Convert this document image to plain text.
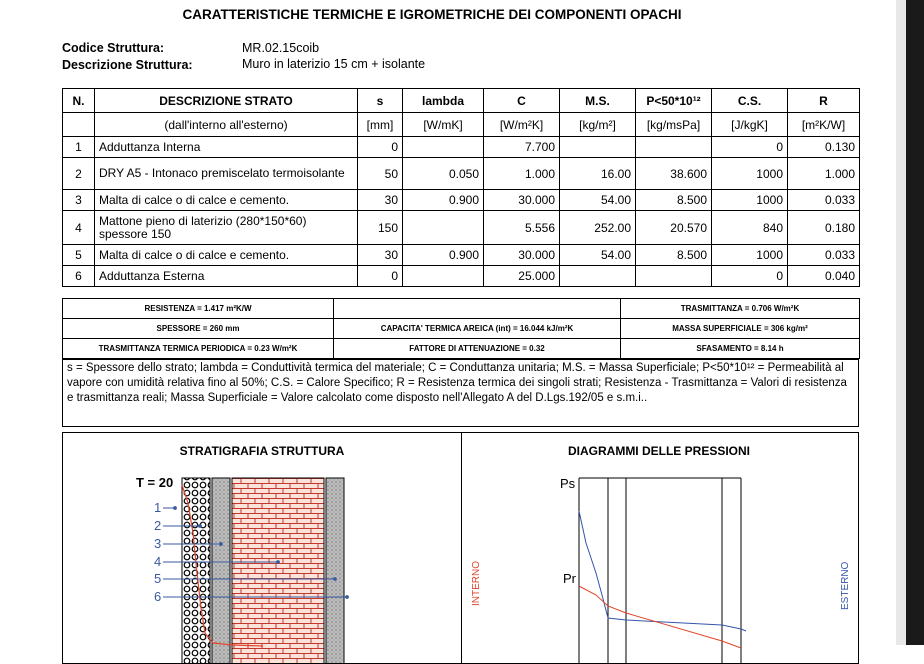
CARATTERISTICHE TERMICHE E IGROMETRICHE DEI COMPONENTI OPACHI
Codice Struttura:	MR.02.15coib
Descrizione Struttura:	Muro in laterizio 15 cm + isolante
N.	DESCRIZIONE STRATO	s	lambda	C	M.S.	P<50*10¹²	C.S.	R
	(dall'interno all'esterno)	[mm]	[W/mK]	[W/m²K]	[kg/m²]	[kg/msPa]	[J/kgK]	[m²K/W]
1	Adduttanza Interna	0		7.700			0	0.130
2	DRY A5 - Intonaco premiscelato termoisolante	50	0.050	1.000	16.00	38.600	1000	1.000
3	Malta di calce o di calce e cemento.	30	0.900	30.000	54.00	8.500	1000	0.033
4	Mattone pieno di laterizio (280*150*60) spessore 150	150		5.556	252.00	20.570	840	0.180
5	Malta di calce o di calce e cemento.	30	0.900	30.000	54.00	8.500	1000	0.033
6	Adduttanza Esterna	0		25.000			0	0.040
RESISTENZA = 1.417 m²K/W		TRASMITTANZA = 0.706 W/m²K
SPESSORE = 260 mm	CAPACITA' TERMICA AREICA (int) = 16.044 kJ/m²K	MASSA SUPERFICIALE = 306 kg/m²
TRASMITTANZA TERMICA PERIODICA = 0.23 W/m²K	FATTORE DI ATTENUAZIONE = 0.32	SFASAMENTO = 8.14 h
s = Spessore dello strato; lambda = Conduttività termica del materiale; C = Conduttanza unitaria; M.S. = Massa Superficiale; P<50*10¹² = Permeabilità al vapore con umidità relativa fino al 50%; C.S. = Calore Specifico; R = Resistenza termica dei singoli strati; Resistenza - Trasmittanza = Valori di resistenza e trasmittanza reali; Massa Superficiale = Valore calcolato come disposto nell'Allegato A del D.Lgs.192/05 e s.m.i..
STRATIGRAFIA STRUTTURA
T = 20
1
2
3
4
5
6
DIAGRAMMI DELLE PRESSIONI
Ps
Pr
INTERNO	ESTERNO
